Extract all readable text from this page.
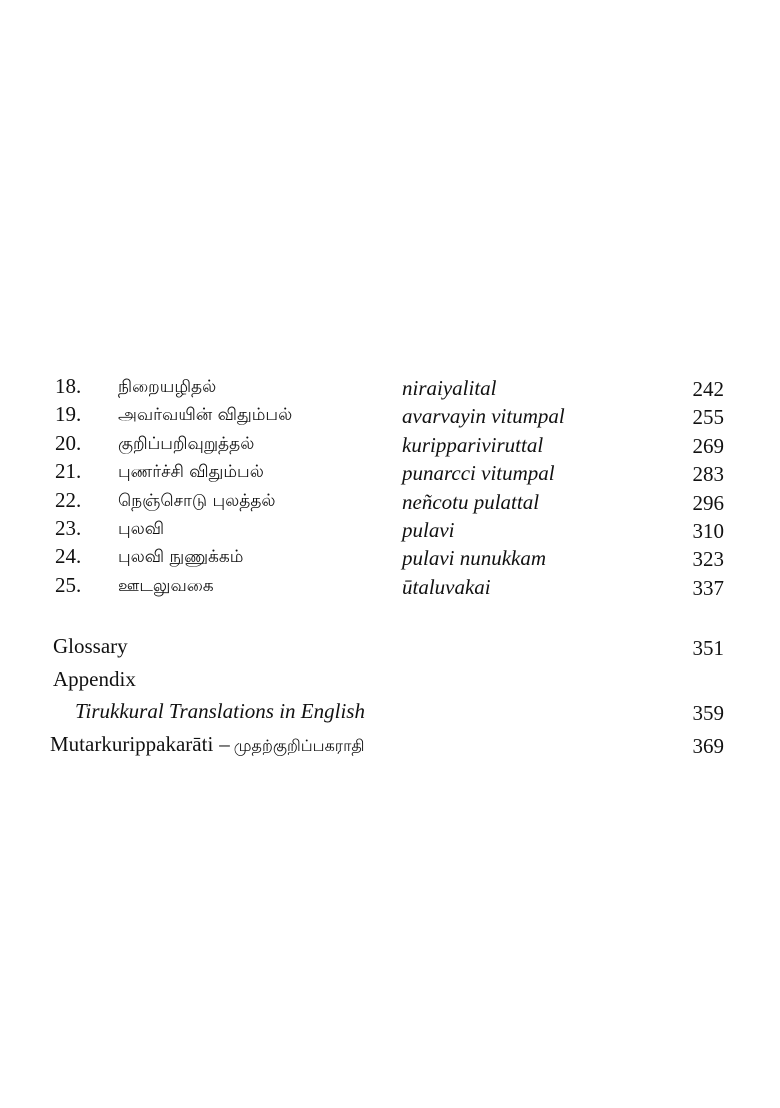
18. நிறையழிதல்	niraiyalital	242
19. அவர்வயின் விதும்பல்	avarvayin vitumpal	255
20. குறிப்பறிவுறுத்தல்	kurippariviruttal	269
21. புணர்ச்சி விதும்பல்	punarcci vitumpal	283
22. நெஞ்சொடு புலத்தல்	neñcotu pulattal	296
23. புலவி	pulavi	310
24. புலவி நுணுக்கம்	pulavi nunukkam	323
25. ஊடலுவகை	ūtaluvakai	337
Glossary	351
Appendix
Tirukkural Translations in English	359
Mutarkurippakarāti – முதற்குறிப்பகராதி	369
